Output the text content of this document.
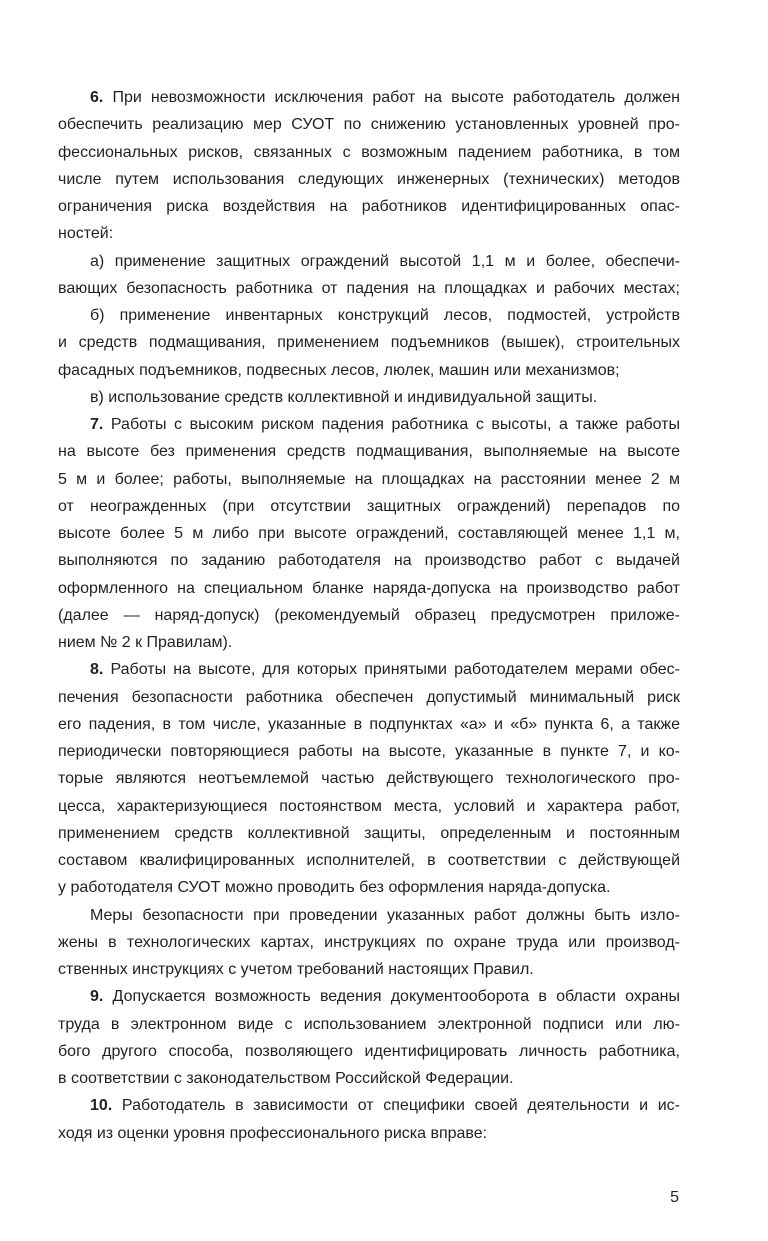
6. При невозможности исключения работ на высоте работодатель должен
обеспечить реализацию мер СУОТ по снижению установленных уровней про-
фессиональных рисков, связанных с возможным падением работника, в том
числе путем использования следующих инженерных (технических) методов
ограничения риска воздействия на работников идентифицированных опас-
ностей:
а) применение защитных ограждений высотой 1,1 м и более, обеспечи-
вающих безопасность работника от падения на площадках и рабочих местах;
б) применение инвентарных конструкций лесов, подмостей, устройств
и средств подмащивания, применением подъемников (вышек), строительных
фасадных подъемников, подвесных лесов, люлек, машин или механизмов;
в) использование средств коллективной и индивидуальной защиты.
7. Работы с высоким риском падения работника с высоты, а также работы
на высоте без применения средств подмащивания, выполняемые на высоте
5 м и более; работы, выполняемые на площадках на расстоянии менее 2 м
от неогражденных (при отсутствии защитных ограждений) перепадов по
высоте более 5 м либо при высоте ограждений, составляющей менее 1,1 м,
выполняются по заданию работодателя на производство работ с выдачей
оформленного на специальном бланке наряда-допуска на производство работ
(далее — наряд-допуск) (рекомендуемый образец предусмотрен приложе-
нием № 2 к Правилам).
8. Работы на высоте, для которых принятыми работодателем мерами обес-
печения безопасности работника обеспечен допустимый минимальный риск
его падения, в том числе, указанные в подпунктах «а» и «б» пункта 6, а также
периодически повторяющиеся работы на высоте, указанные в пункте 7, и ко-
торые являются неотъемлемой частью действующего технологического про-
цесса, характеризующиеся постоянством места, условий и характера работ,
применением средств коллективной защиты, определенным и постоянным
составом квалифицированных исполнителей, в соответствии с действующей
у работодателя СУОТ можно проводить без оформления наряда-допуска.
Меры безопасности при проведении указанных работ должны быть изло-
жены в технологических картах, инструкциях по охране труда или производ-
ственных инструкциях с учетом требований настоящих Правил.
9. Допускается возможность ведения документооборота в области охраны
труда в электронном виде с использованием электронной подписи или лю-
бого другого способа, позволяющего идентифицировать личность работника,
в соответствии с законодательством Российской Федерации.
10. Работодатель в зависимости от специфики своей деятельности и ис-
ходя из оценки уровня профессионального риска вправе:
5
